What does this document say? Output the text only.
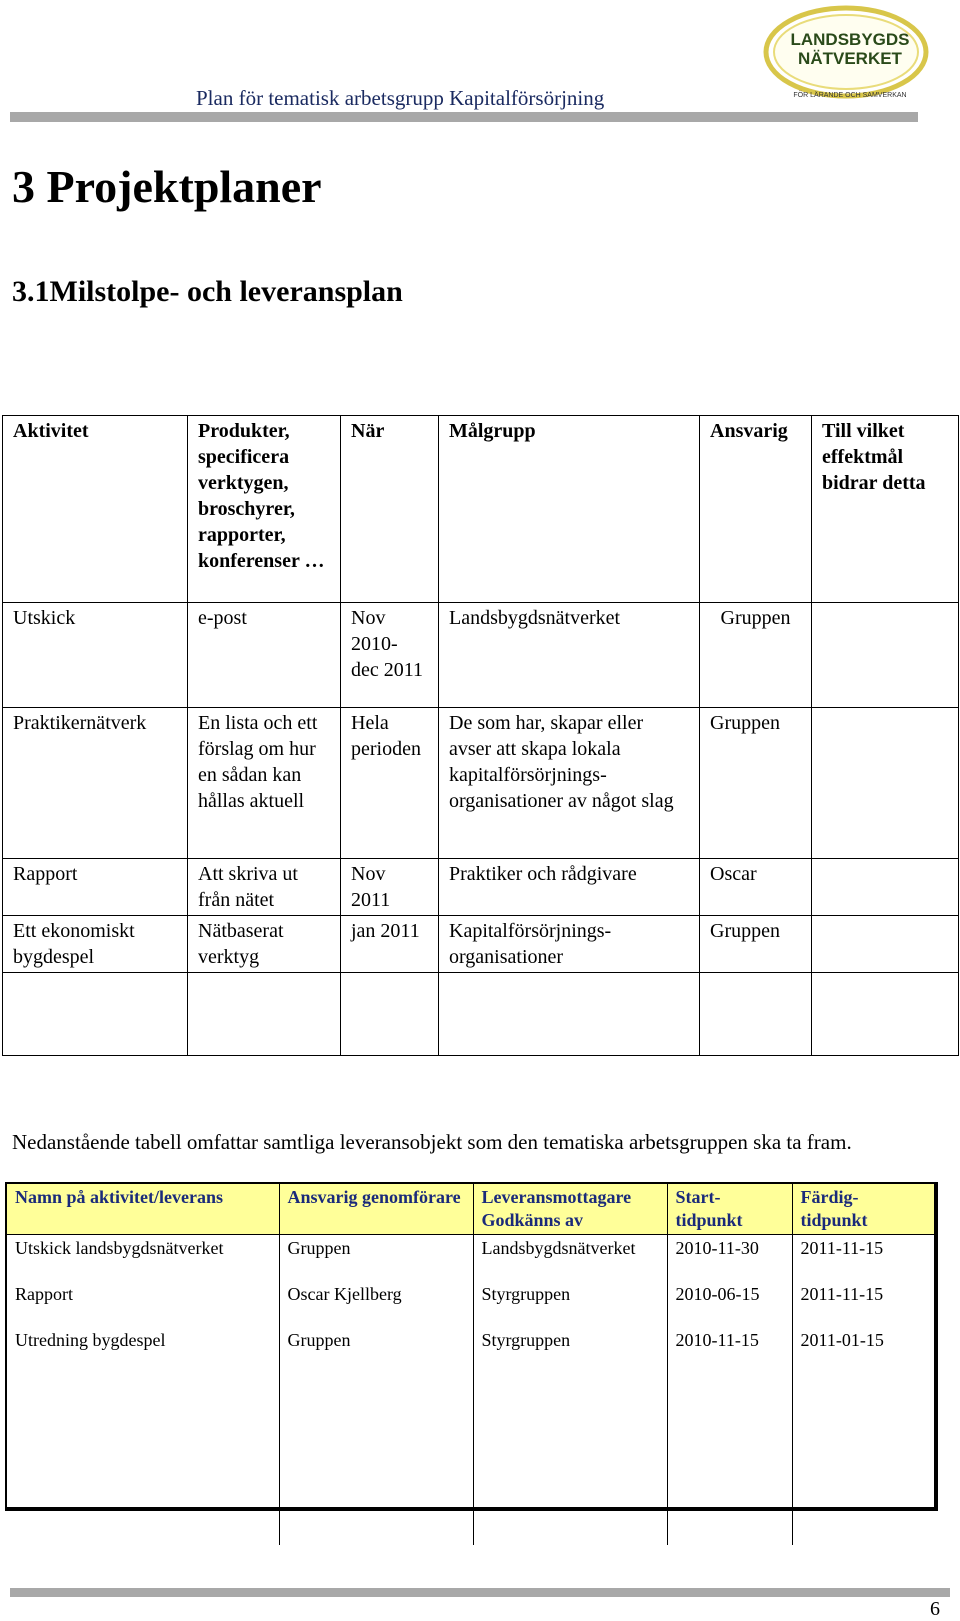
Plan för tematisk arbetsgrupp Kapitalförsörjning
LANDSBYGDS
NÄTVERKET
FÖR LÄRANDE OCH SAMVERKAN
3 Projektplaner
3.1Milstolpe- och leveransplan
Aktivitet	Produkter, specificera verktygen, broschyrer, rapporter, konferenser …	När	Målgrupp	Ansvarig	Till vilket effektmål bidrar detta
Utskick	e-post	Nov 2010- dec 2011	Landsbygdsnätverket	Gruppen	
Praktikernätverk	En lista och ett förslag om hur en sådan kan hållas aktuell	Hela perioden	De som har, skapar eller avser att skapa lokala kapitalförsörjnings- organisationer av något slag	Gruppen	
Rapport	Att skriva ut från nätet	Nov 2011	Praktiker och rådgivare	Oscar	
Ett ekonomiskt bygdespel	Nätbaserat verktyg	jan 2011	Kapitalförsörjnings- organisationer	Gruppen	

Nedanstående tabell omfattar samtliga leveransobjekt som den tematiska arbetsgruppen ska ta fram.
Namn på aktivitet/leverans	Ansvarig genomförare	Leveransmottagare Godkänns av	Start- tidpunkt	Färdig- tidpunkt
Utskick landsbygdsnätverket	Gruppen	Landsbygdsnätverket	2010-11-30	2011-11-15
Rapport	Oscar Kjellberg	Styrgruppen	2010-06-15	2011-11-15
Utredning bygdespel	Gruppen	Styrgruppen	2010-11-15	2011-01-15

6
